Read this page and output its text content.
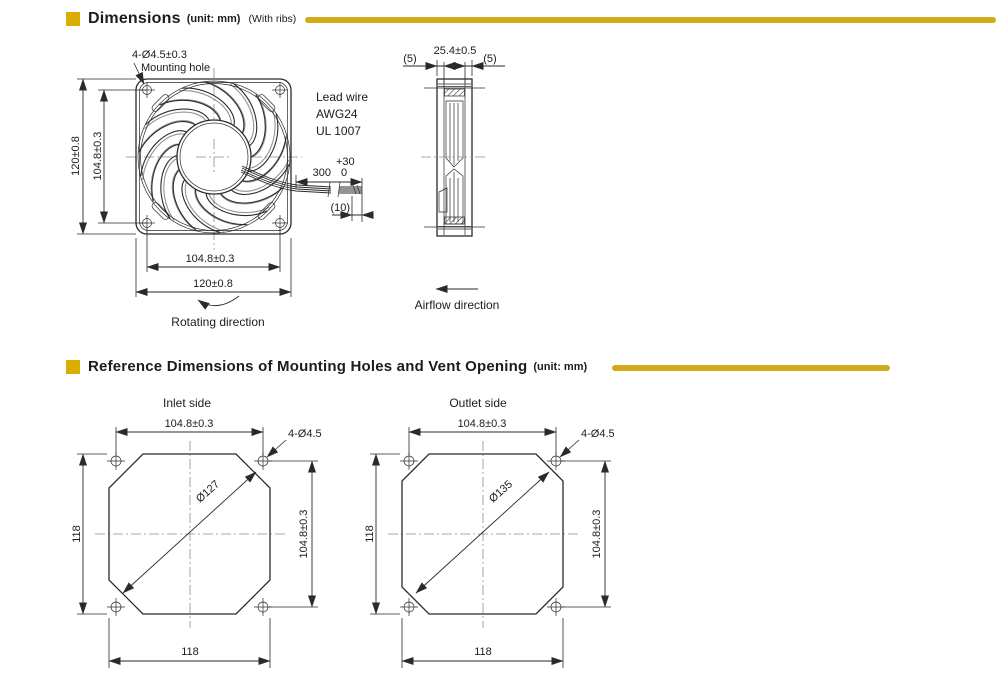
Dimensions (unit: mm) (With ribs)
Reference Dimensions of Mounting Holes and Vent Opening (unit: mm)
120±0.8 104.8±0.3
104.8±0.3
120±0.8
4-Ø4.5±0.3
Mounting hole
Lead wire
AWG24
UL 1007
300
+30
0
(10)
Rotating direction
25.4±0.5
(5)	(5)
Airflow direction
Inlet side
Ø127
104.8±0.3
4-Ø4.5
118	104.8±0.3
118
Outlet side
Ø135
104.8±0.3
4-Ø4.5
118	104.8±0.3
118
